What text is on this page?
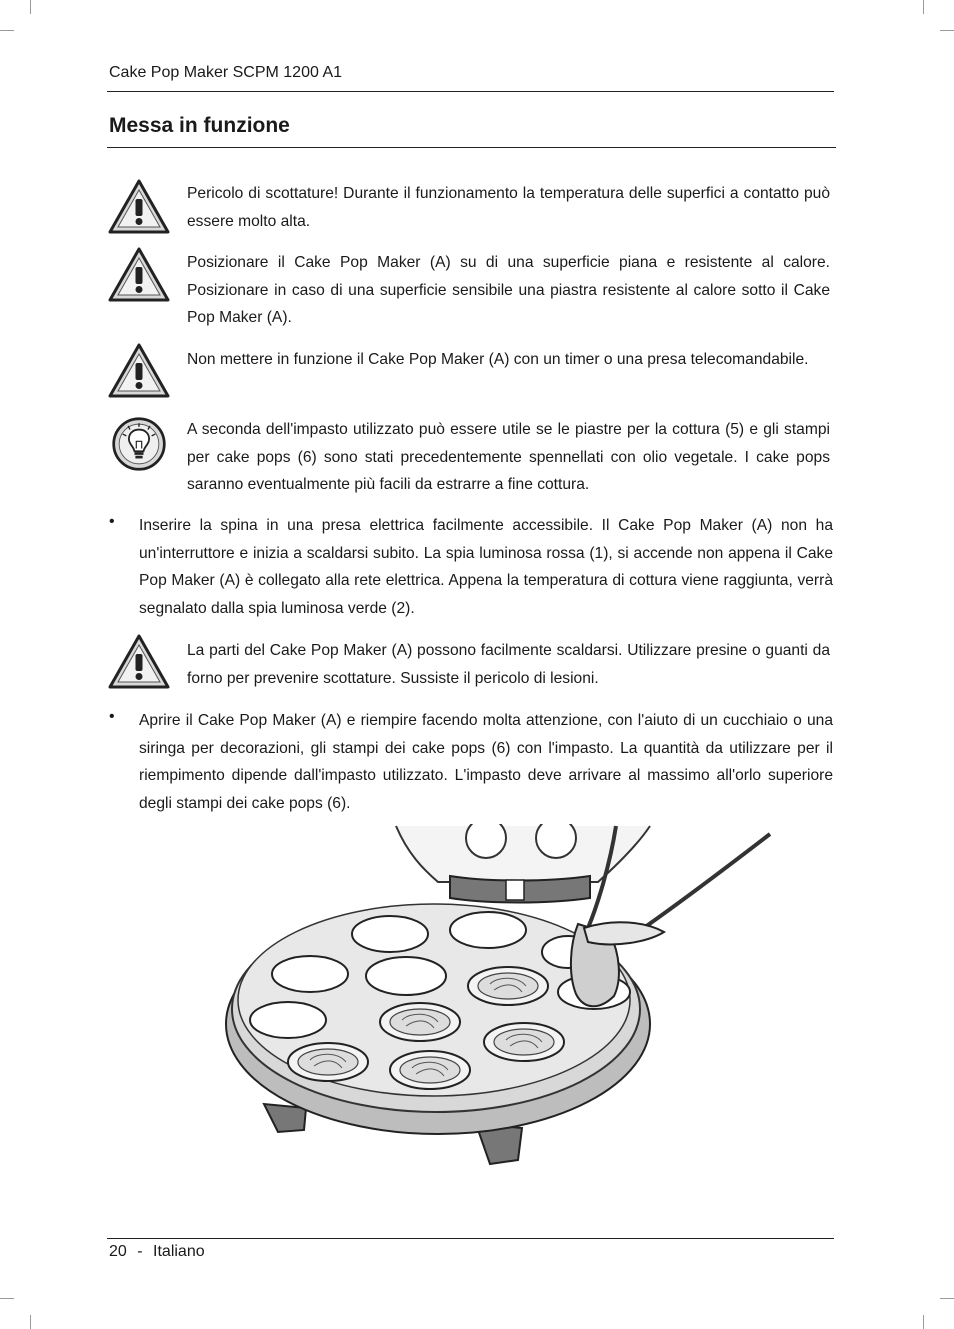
Cake Pop Maker SCPM 1200 A1
Messa in funzione
Pericolo di scottature! Durante il funzionamento la temperatura delle superfici a contatto può essere molto alta.
Posizionare il Cake Pop Maker (A) su di una superficie piana e resistente al calore. Posizionare in caso di una superficie sensibile una piastra resistente al calore sotto il Cake Pop Maker (A).
Non mettere in funzione il Cake Pop Maker (A) con un timer o una presa telecomandabile.
A seconda dell'impasto utilizzato può essere utile se le piastre per la cottura (5) e gli stampi per cake pops (6) sono stati precedentemente spennellati con olio vegetale. I cake pops saranno eventualmente più facili da estrarre a fine cottura.
• Inserire la spina in una presa elettrica facilmente accessibile. Il Cake Pop Maker (A) non ha un'interruttore e inizia a scaldarsi subito. La spia luminosa rossa (1), si accende non appena il Cake Pop Maker (A) è collegato alla rete elettrica. Appena la temperatura di cottura viene raggiunta, verrà segnalato dalla spia luminosa verde (2).
La parti del Cake Pop Maker (A) possono facilmente scaldarsi. Utilizzare presine o guanti da forno per prevenire scottature. Sussiste il pericolo di lesioni.
• Aprire il Cake Pop Maker (A) e riempire facendo molta attenzione, con l'aiuto di un cucchiaio o una siringa per decorazioni, gli stampi dei cake pops (6) con l'impasto. La quantità da utilizzare per il riempimento dipende dall'impasto utilizzato. L'impasto deve arrivare al massimo all'orlo superiore degli stampi dei cake pops (6).
20 - Italiano
